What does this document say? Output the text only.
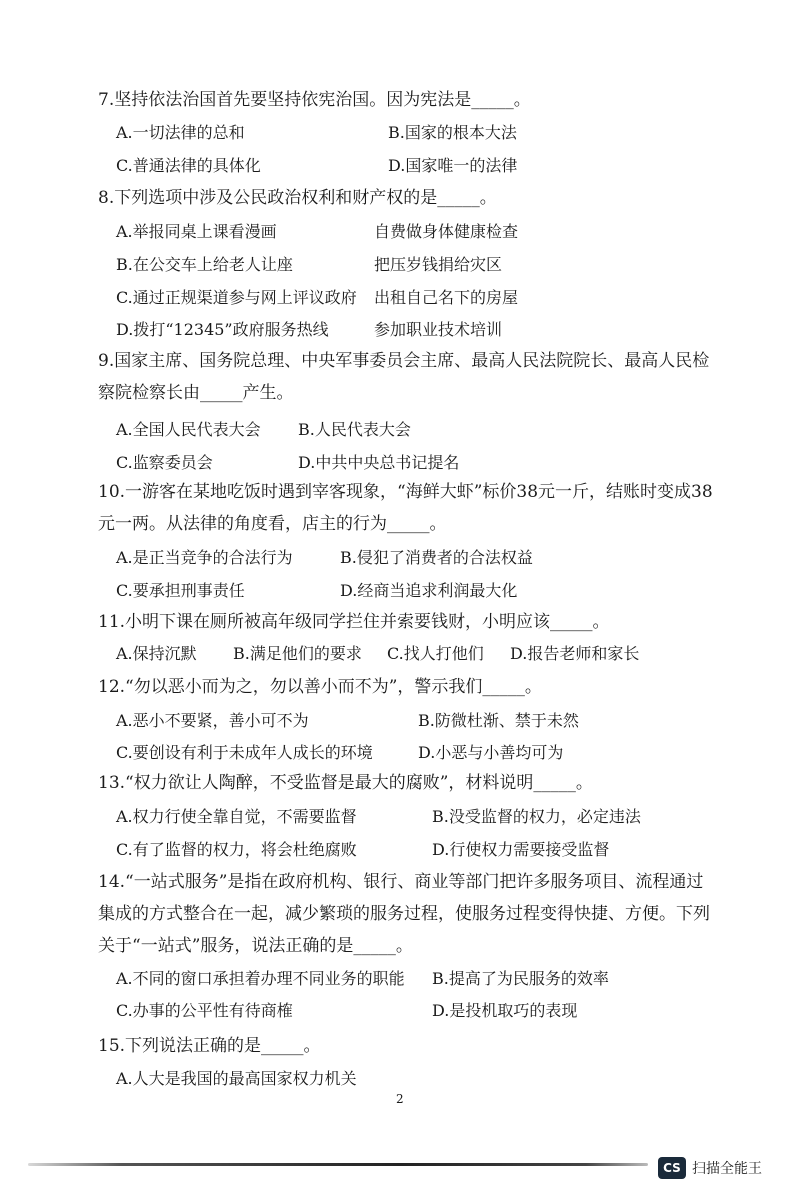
7.坚持依法治国首先要坚持依宪治国。因为宪法是_____。
A.一切法律的总和	B.国家的根本大法
C.普通法律的具体化	D.国家唯一的法律
8.下列选项中涉及公民政治权利和财产权的是_____。
A.举报同桌上课看漫画	自费做身体健康检查
B.在公交车上给老人让座	把压岁钱捐给灾区
C.通过正规渠道参与网上评议政府 出租自己名下的房屋
D.拨打“12345”政府服务热线	参加职业技术培训
9.国家主席、国务院总理、中央军事委员会主席、最高人民法院院长、最高人民检察院检察长由_____产生。
A.全国人民代表大会 B.人民代表大会
C.监察委员会	D.中共中央总书记提名
10.一游客在某地吃饭时遇到宰客现象，“海鲜大虾”标价38元一斤，结账时变成38元一两。从法律的角度看，店主的行为_____。
A.是正当竞争的合法行为	B.侵犯了消费者的合法权益
C.要承担刑事责任	D.经商当追求利润最大化
11.小明下课在厕所被高年级同学拦住并索要钱财，小明应该_____。
A.保持沉默 B.满足他们的要求 C.找人打他们 D.报告老师和家长
12.“勿以恶小而为之，勿以善小而不为”，警示我们_____。
A.恶小不要紧，善小可不为	B.防微杜渐、禁于未然
C.要创设有利于未成年人成长的环境	D.小恶与小善均可为
13.“权力欲让人陶醉，不受监督是最大的腐败”，材料说明_____。
A.权力行使全靠自觉，不需要监督	B.没受监督的权力，必定违法
C.有了监督的权力，将会杜绝腐败	D.行使权力需要接受监督
14.“一站式服务”是指在政府机构、银行、商业等部门把许多服务项目、流程通过集成的方式整合在一起，减少繁琐的服务过程，使服务过程变得快捷、方便。下列关于“一站式”服务，说法正确的是_____。
A.不同的窗口承担着办理不同业务的职能 B.提高了为民服务的效率
C.办事的公平性有待商榷	D.是投机取巧的表现
15.下列说法正确的是_____。
A.人大是我国的最高国家权力机关
2
CS 扫描全能王
